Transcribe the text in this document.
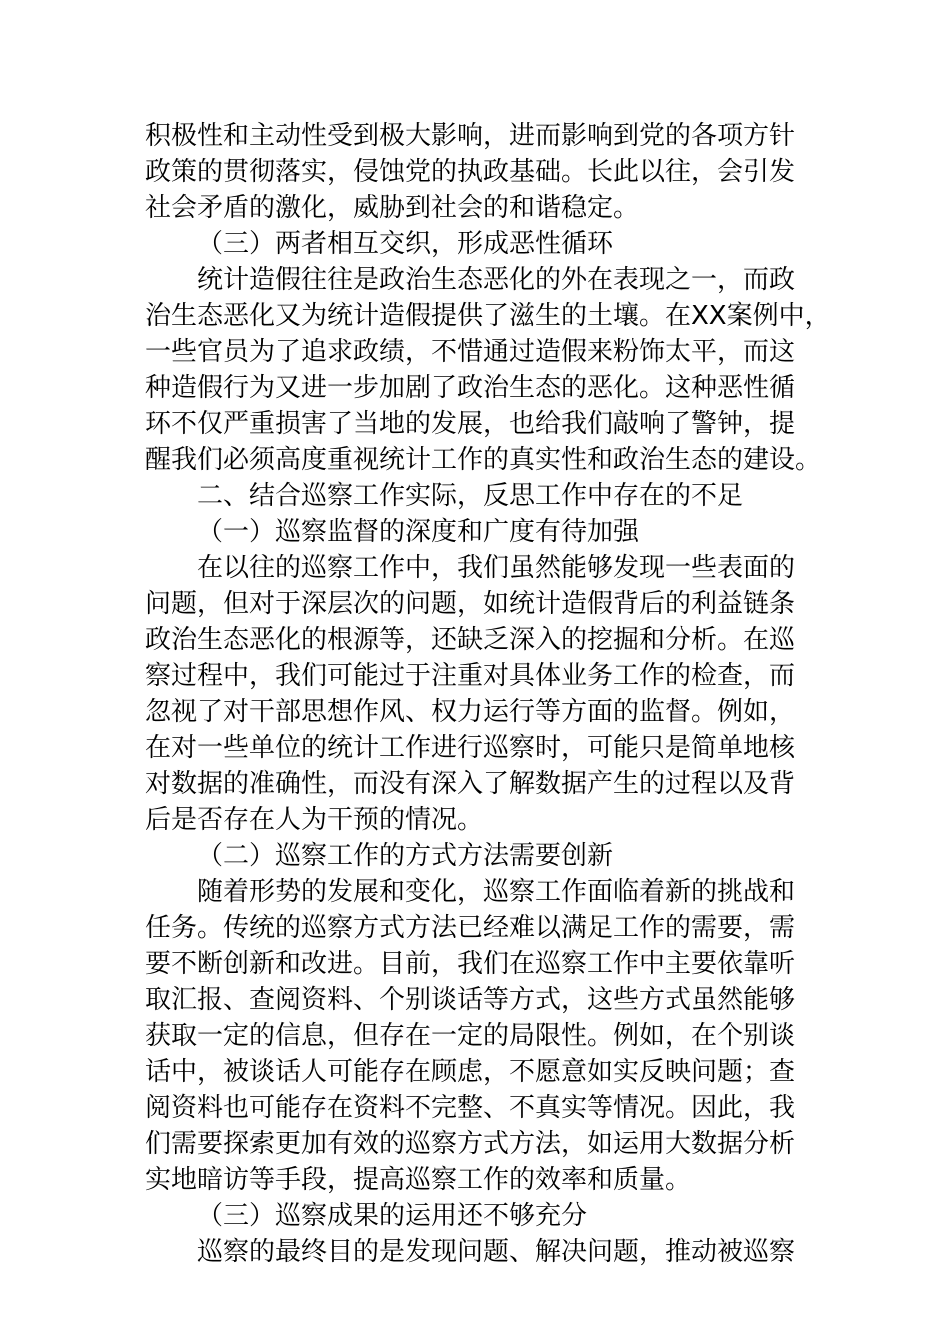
积极性和主动性受到极大影响，进而影响到党的各项方针
政策的贯彻落实，侵蚀党的执政基础。长此以往，会引发
社会矛盾的激化，威胁到社会的和谐稳定。
（三）两者相互交织，形成恶性循环
统计造假往往是政治生态恶化的外在表现之一，而政
治生态恶化又为统计造假提供了滋生的土壤。在XX案例中，
一些官员为了追求政绩，不惜通过造假来粉饰太平，而这
种造假行为又进一步加剧了政治生态的恶化。这种恶性循
环不仅严重损害了当地的发展，也给我们敲响了警钟，提
醒我们必须高度重视统计工作的真实性和政治生态的建设。
二、结合巡察工作实际，反思工作中存在的不足
（一）巡察监督的深度和广度有待加强
在以往的巡察工作中，我们虽然能够发现一些表面的
问题，但对于深层次的问题，如统计造假背后的利益链条
政治生态恶化的根源等，还缺乏深入的挖掘和分析。在巡
察过程中，我们可能过于注重对具体业务工作的检查，而
忽视了对干部思想作风、权力运行等方面的监督。例如，
在对一些单位的统计工作进行巡察时，可能只是简单地核
对数据的准确性，而没有深入了解数据产生的过程以及背
后是否存在人为干预的情况。
（二）巡察工作的方式方法需要创新
随着形势的发展和变化，巡察工作面临着新的挑战和
任务。传统的巡察方式方法已经难以满足工作的需要，需
要不断创新和改进。目前，我们在巡察工作中主要依靠听
取汇报、查阅资料、个别谈话等方式，这些方式虽然能够
获取一定的信息，但存在一定的局限性。例如，在个别谈
话中，被谈话人可能存在顾虑，不愿意如实反映问题；查
阅资料也可能存在资料不完整、不真实等情况。因此，我
们需要探索更加有效的巡察方式方法，如运用大数据分析
实地暗访等手段，提高巡察工作的效率和质量。
（三）巡察成果的运用还不够充分
巡察的最终目的是发现问题、解决问题，推动被巡察
